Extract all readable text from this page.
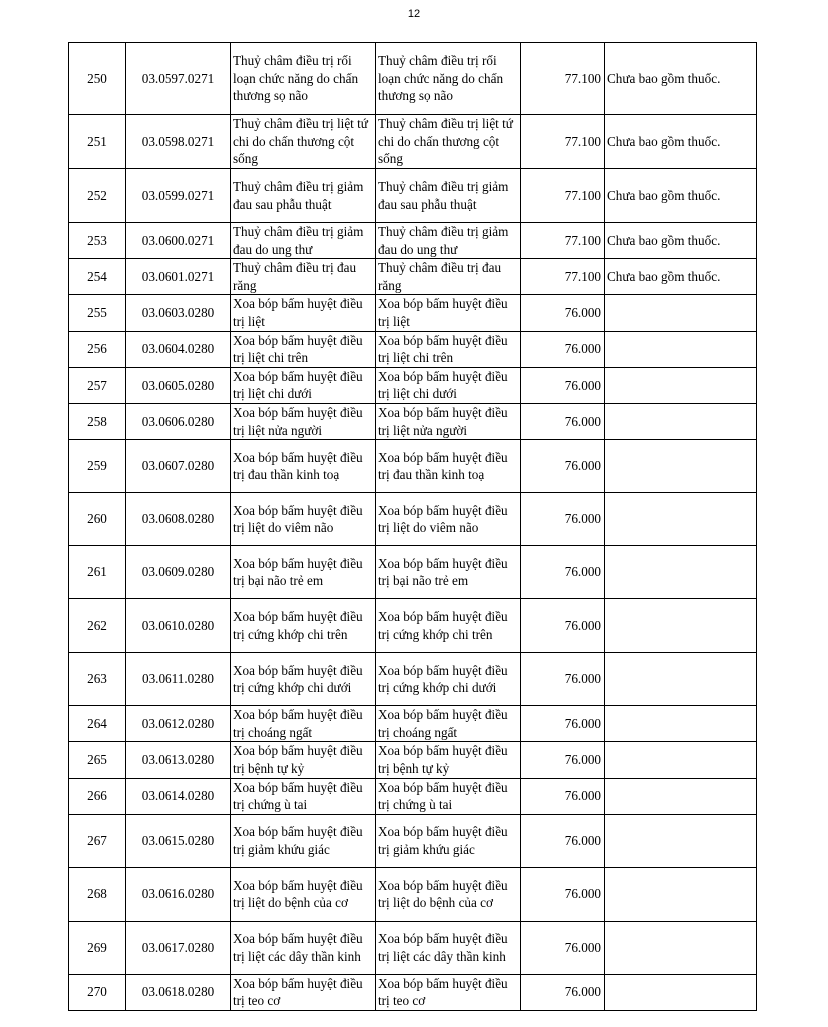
12
250	03.0597.0271	Thuỷ châm điều trị rối loạn chức năng do chấn thương sọ não	Thuỷ châm điều trị rối loạn chức năng do chấn thương sọ não	77.100	Chưa bao gồm thuốc.
251	03.0598.0271	Thuỷ châm điều trị liệt tứ chi do chấn thương cột sống	Thuỷ châm điều trị liệt tứ chi do chấn thương cột sống	77.100	Chưa bao gồm thuốc.
252	03.0599.0271	Thuỷ châm điều trị giảm đau sau phẫu thuật	Thuỷ châm điều trị giảm đau sau phẫu thuật	77.100	Chưa bao gồm thuốc.
253	03.0600.0271	Thuỷ châm điều trị giảm đau do ung thư	Thuỷ châm điều trị giảm đau do ung thư	77.100	Chưa bao gồm thuốc.
254	03.0601.0271	Thuỷ châm điều trị đau răng	Thuỷ châm điều trị đau răng	77.100	Chưa bao gồm thuốc.
255	03.0603.0280	Xoa bóp bấm huyệt điều trị liệt	Xoa bóp bấm huyệt điều trị liệt	76.000	
256	03.0604.0280	Xoa bóp bấm huyệt điều trị liệt chi trên	Xoa bóp bấm huyệt điều trị liệt chi trên	76.000	
257	03.0605.0280	Xoa bóp bấm huyệt điều trị liệt chi dưới	Xoa bóp bấm huyệt điều trị liệt chi dưới	76.000	
258	03.0606.0280	Xoa bóp bấm huyệt điều trị liệt nửa người	Xoa bóp bấm huyệt điều trị liệt nửa người	76.000	
259	03.0607.0280	Xoa bóp bấm huyệt điều trị đau thần kinh toạ	Xoa bóp bấm huyệt điều trị đau thần kinh toạ	76.000	
260	03.0608.0280	Xoa bóp bấm huyệt điều trị liệt do viêm não	Xoa bóp bấm huyệt điều trị liệt do viêm não	76.000	
261	03.0609.0280	Xoa bóp bấm huyệt điều trị bại não trẻ em	Xoa bóp bấm huyệt điều trị bại não trẻ em	76.000	
262	03.0610.0280	Xoa bóp bấm huyệt điều trị cứng khớp chi trên	Xoa bóp bấm huyệt điều trị cứng khớp chi trên	76.000	
263	03.0611.0280	Xoa bóp bấm huyệt điều trị cứng khớp chi dưới	Xoa bóp bấm huyệt điều trị cứng khớp chi dưới	76.000	
264	03.0612.0280	Xoa bóp bấm huyệt điều trị choáng ngất	Xoa bóp bấm huyệt điều trị choáng ngất	76.000	
265	03.0613.0280	Xoa bóp bấm huyệt điều trị bệnh tự kỷ	Xoa bóp bấm huyệt điều trị bệnh tự kỷ	76.000	
266	03.0614.0280	Xoa bóp bấm huyệt điều trị chứng ù tai	Xoa bóp bấm huyệt điều trị chứng ù tai	76.000	
267	03.0615.0280	Xoa bóp bấm huyệt điều trị giảm khứu giác	Xoa bóp bấm huyệt điều trị giảm khứu giác	76.000	
268	03.0616.0280	Xoa bóp bấm huyệt điều trị liệt do bệnh của cơ	Xoa bóp bấm huyệt điều trị liệt do bệnh của cơ	76.000	
269	03.0617.0280	Xoa bóp bấm huyệt điều trị liệt các dây thần kinh	Xoa bóp bấm huyệt điều trị liệt các dây thần kinh	76.000	
270	03.0618.0280	Xoa bóp bấm huyệt điều trị teo cơ	Xoa bóp bấm huyệt điều trị teo cơ	76.000	
